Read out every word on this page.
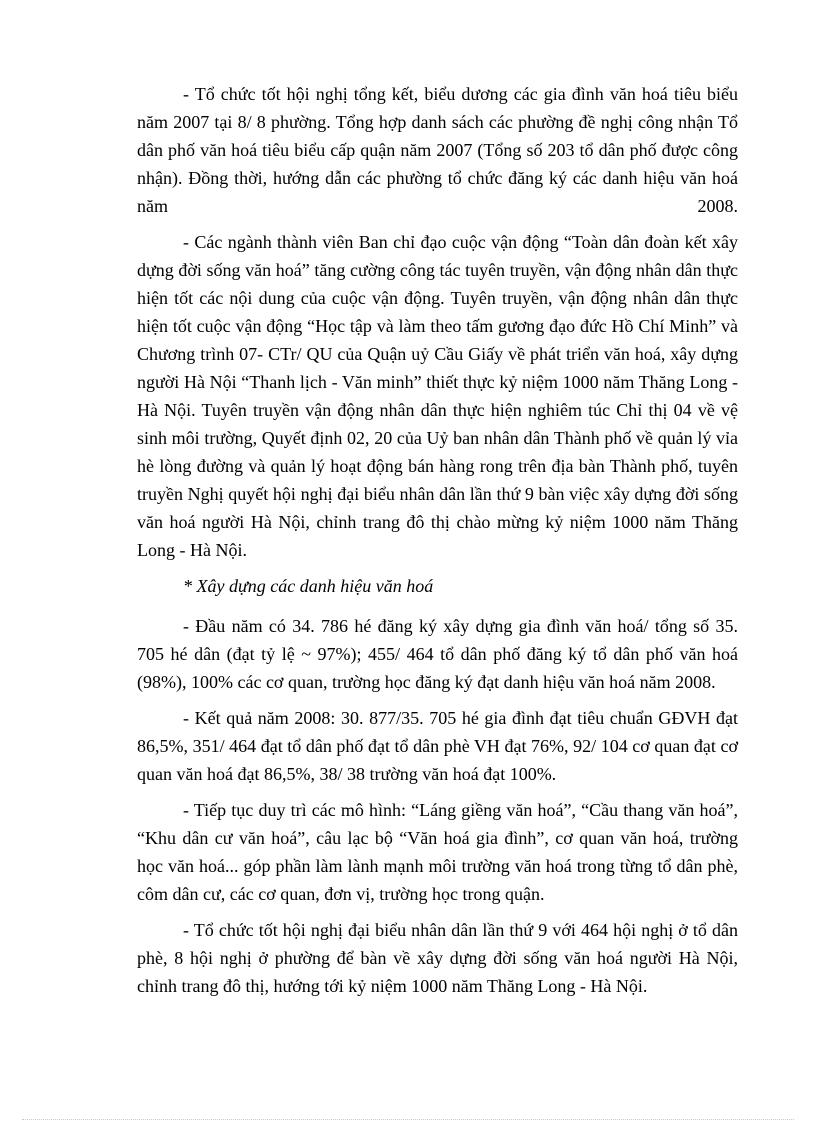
- Tổ chức tốt hội nghị tổng kết, biểu dương các gia đình văn hoá tiêu biểu năm 2007 tại 8/ 8 phường. Tổng hợp danh sách các phường đề nghị công nhận Tổ dân phố văn hoá tiêu biểu cấp quận năm 2007 (Tổng số 203 tổ dân phố được công nhận). Đồng thời, hướng dẫn các phường tổ chức đăng ký các danh hiệu văn hoá năm 2008.

- Các ngành thành viên Ban chỉ đạo cuộc vận động “Toàn dân đoàn kết xây dựng đời sống văn hoá” tăng cường công tác tuyên truyền, vận động nhân dân thực hiện tốt các nội dung của cuộc vận động. Tuyên truyền, vận động nhân dân thực hiện tốt cuộc vận động “Học tập và làm theo tấm gương đạo đức Hồ Chí Minh” và Chương trình 07- CTr/ QU của Quận uỷ Cầu Giấy về phát triển văn hoá, xây dựng người Hà Nội “Thanh lịch - Văn minh” thiết thực kỷ niệm 1000 năm Thăng Long - Hà Nội. Tuyên truyền vận động nhân dân thực hiện nghiêm túc Chỉ thị 04 về vệ sinh môi trường, Quyết định 02, 20 của Uỷ ban nhân dân Thành phố về quản lý vỉa hè lòng đường và quản lý hoạt động bán hàng rong trên địa bàn Thành phố, tuyên truyền Nghị quyết hội nghị đại biểu nhân dân lần thứ 9 bàn việc xây dựng đời sống văn hoá người Hà Nội, chỉnh trang đô thị chào mừng kỷ niệm 1000 năm Thăng Long - Hà Nội.

* Xây dựng các danh hiệu văn hoá

- Đầu năm có 34. 786 hé đăng ký xây dựng gia đình văn hoá/ tổng số 35. 705 hé dân (đạt tỷ lệ ~ 97%); 455/ 464 tổ dân phố đăng ký tổ dân phố văn hoá (98%), 100% các cơ quan, trường học đăng ký đạt danh hiệu văn hoá năm 2008.

- Kết quả năm 2008: 30. 877/35. 705 hé gia đình đạt tiêu chuẩn GĐVH đạt 86,5%, 351/ 464 đạt tổ dân phố đạt tổ dân phè VH đạt 76%, 92/ 104 cơ quan đạt cơ quan văn hoá đạt 86,5%, 38/ 38 trường văn hoá đạt 100%.

- Tiếp tục duy trì các mô hình: “Láng giềng văn hoá”, “Cầu thang văn hoá”, “Khu dân cư văn hoá”, câu lạc bộ “Văn hoá gia đình”, cơ quan văn hoá, trường học văn hoá... góp phần làm lành mạnh môi trường văn hoá trong từng tổ dân phè, côm dân cư, các cơ quan, đơn vị, trường học trong quận.

- Tổ chức tốt hội nghị đại biểu nhân dân lần thứ 9 với 464 hội nghị ở tổ dân phè, 8 hội nghị ở phường để bàn về xây dựng đời sống văn hoá người Hà Nội, chỉnh trang đô thị, hướng tới kỷ niệm 1000 năm Thăng Long - Hà Nội.
